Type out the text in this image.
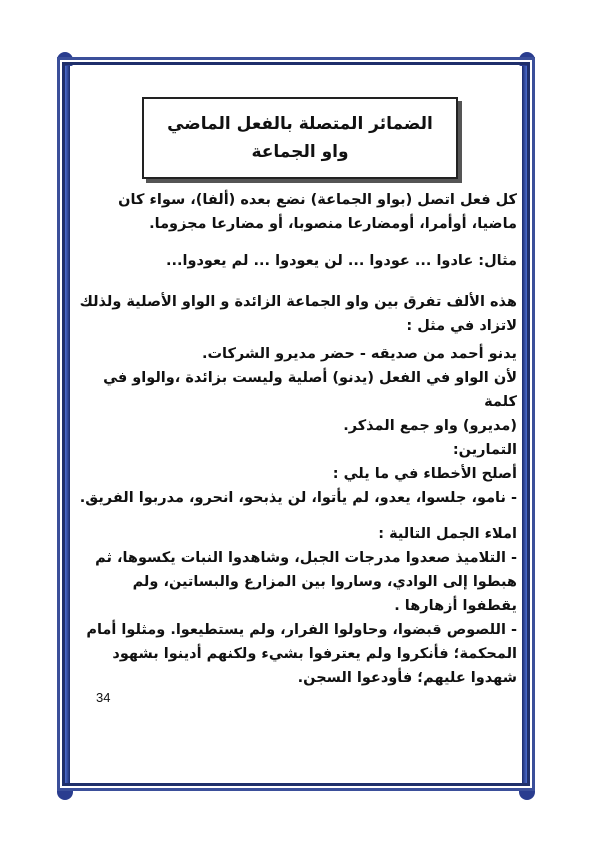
الضمائر المتصلة بالفعل الماضي
واو الجماعة
كل فعل اتصل (بواو الجماعة) نضع بعده (ألفا)، سواء كان
ماضيا، أوأمرا، أومضارعا منصوبا، أو مضارعا مجزوما.
مثال: عادوا ... عودوا ... لن يعودوا ... لم يعودوا...
هذه الألف تفرق بين واو الجماعة الزائدة و الواو الأصلية ولذلك
لاتزاد في مثل :
يدنو أحمد من صديقه - حضر مديرو الشركات.
لأن الواو في الفعل (يدنو) أصلية وليست بزائدة ،والواو في كلمة
(مديرو) واو جمع المذكر.
التمارين:
أصلح الأخطاء في ما يلي :
- نامو، جلسوا، يعدو، لم يأتوا، لن يذبحو، انحرو، مدربوا الفريق.
املاء الجمل التالية :
- التلاميذ صعدوا مدرجات الجبل، وشاهدوا النبات يكسوها، ثم
هبطوا إلى الوادي، وساروا بين المزارع والبساتين، ولم يقطفوا أزهارها .
- اللصوص قبضوا، وحاولوا الفرار، ولم يستطيعوا. ومثلوا أمام
المحكمة؛ فأنكروا ولم يعترفوا بشيء ولكنهم أدينوا بشهود
شهدوا عليهم؛ فأودعوا السجن.
34
